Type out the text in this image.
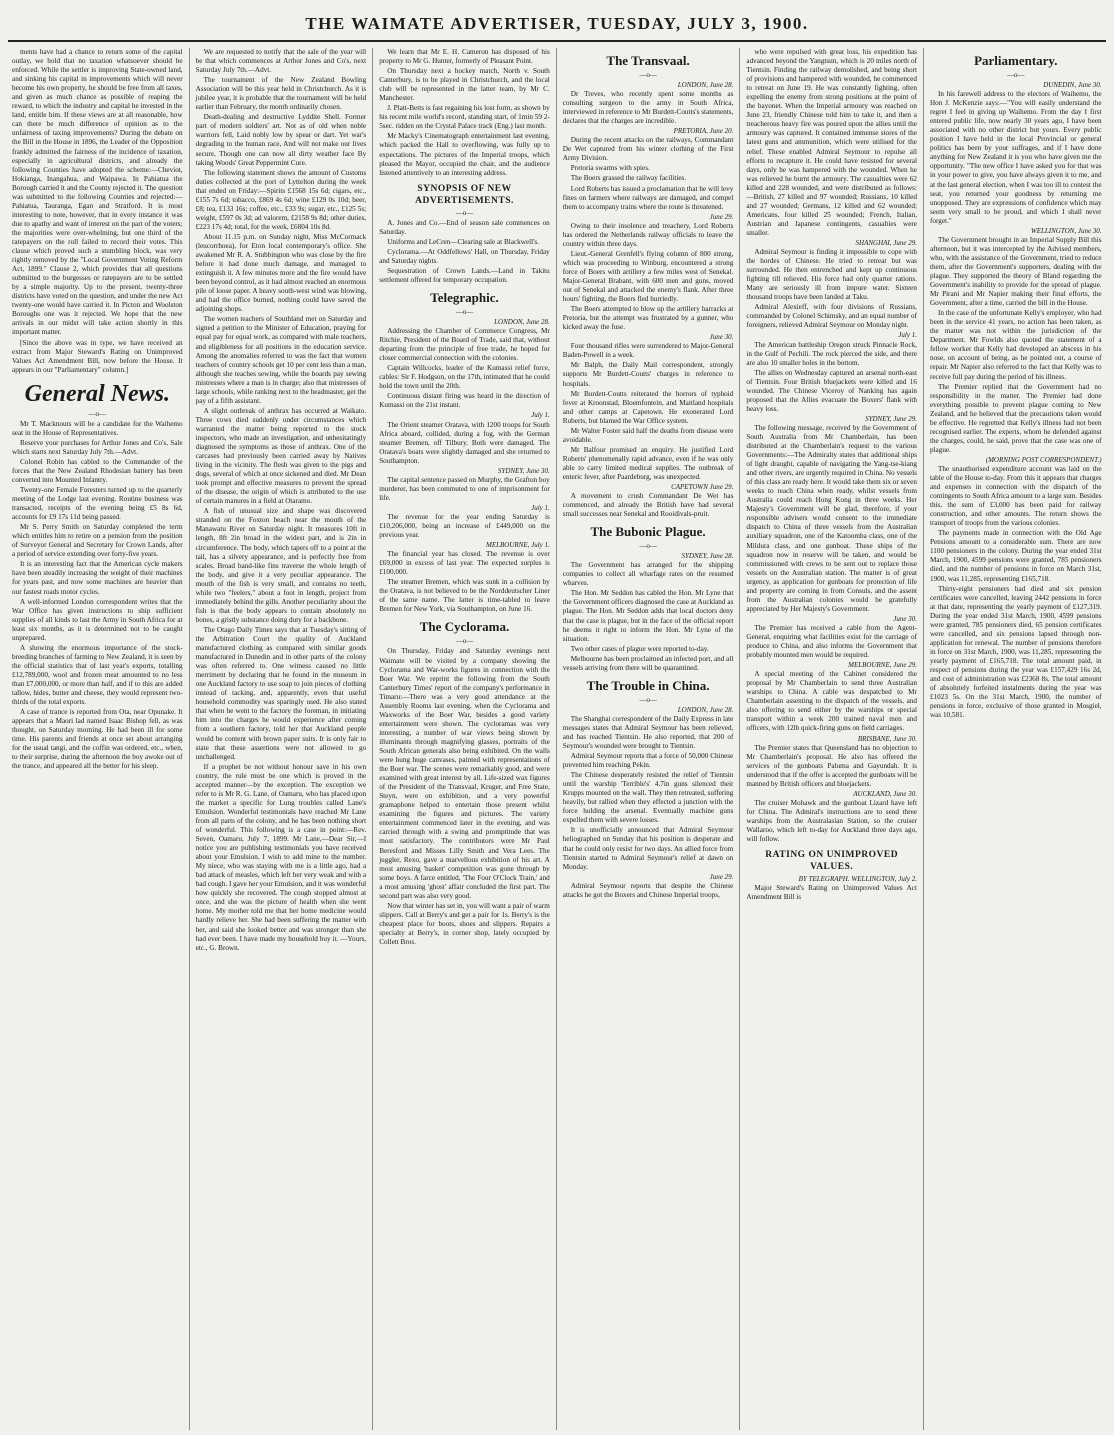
THE WAIMATE ADVERTISER, TUESDAY, JULY 3, 1900.

ments have had a chance to return some of the capital outlay, we hold that no taxation whatsoever should be enforced. While the settler is improving State-owned land, and sinking his capital in improvements which will never become his own property, he should be free from all taxes, and given as much chance as possible of reaping the reward, to which the industry and capital he invested in the land, entitle him. If these views are at all reasonable, how can there be much difference of opinion as to the unfairness of taxing improvements? During the debate on the Bill in the House in 1896, the Leader of the Opposition frankly admitted the fairness of the incidence of taxation, especially in agricultural districts, and already the following Counties have adopted the scheme:—Cheviot, Hokianga, Inangahua, and Waipawa. In Pahiatua the Borough carried it and the County rejected it. The question was submitted to the following Counties and rejected:—Pahiatua, Tauranga, Egan and Stratford. It is most interesting to note, however, that in every instance it was due to apathy and want of interest on the part of the voters; the majorities were over-whelming, but one third of the ratepayers on the roll failed to record their votes. This clause which proved such a stumbling block, was very rightly removed by the "Local Government Voting Reform Act, 1899." Clause 2, which provides that all questions submitted to the burgesses or ratepayers are to be settled by a simple majority. Up to the present, twenty-three districts have voted on the question, and under the new Act twenty-one would have carried it. In Picton and Woolston Boroughs one was it rejected. We hope that the new arrivals in our midst will take action shortly in this important matter.

[Since the above was in type, we have received an extract from Major Steward's Rating on Unimproved Values Act Amendment Bill, now before the House. It appears in our "Parliamentary" column.]

General News.
—o—

Mr T. Macknouts will be a candidate for the Waihemo seat in the House of Representatives.

Reserve your purchases for Arthur Jones and Co's, Sale which starts next Saturday July 7th.—Advt.

Colonel Robin has cabled to the Commander of the forces that the New Zealand Rhodesian battery has been converted into Mounted Infantry.

Twenty-one Female Foresters turned up to the quarterly meeting of the Lodge last evening. Routine business was transacted, receipts of the evening being £5 8s 6d, accounts for £9 17s 11d being passed.

Mr S. Perry Smith on Saturday completed the term which entitles him to retire on a pension from the position of Surveyor General and Secretary for Crown Lands, after a period of service extending over forty-five years.

It is an interesting fact that the American cycle makers have been steadily increasing the weight of their machines for years past, and now some machines are heavier than our fastest roads motor cycles.

A well-informed London correspondent writes that the War Office has given instructions to ship sufficient supplies of all kinds to last the Army in South Africa for at least six months, as it is determined not to be caught unprepared.

A showing the enormous importance of the stock-breeding branches of farming to New Zealand, it is seen by the official statistics that of last year's exports, totalling £12,789,000, wool and frozen meat amounted to no less than £7,000,000, or more than half, and if to this are added tallow, hides, butter and cheese, they would represent two-thirds of the total exports.

A case of trance is reported from Ota, near Opunake. It appears that a Maori lad named Isaac Bishop fell, as was thought, on Saturday morning. He had been ill for some time. His parents and friends at once set about arranging for the usual tangi, and the coffin was ordered, etc., when, to their surprise, during the afternoon the boy awoke out of the trance, and appeared all the better for his sleep.

We are requested to notify that the sale of the year will be that which commences at Arthur Jones and Co's, next Saturday July 7th.—Advt.

The tournament of the New Zealand Bowling Association will be this year held in Christchurch. As it is jubilee year, it is probable that the tournament will be held earlier than February, the month ordinarily chosen.

Death-dealing and destructive Lyddite Shell. Former part of modern soldiers' art. Not as of old when noble warriors fell, Laid nobly low by spear or dart. Yet war's degrading to the human race, And will not make our lives secure, Though one can now all dirty weather face By taking Woods' Great Peppermint Cure.

The following statement shows the amount of Customs duties collected at the port of Lyttelton during the week that ended on Friday:—Spirits £1568 15s 6d; cigars, etc., £155 7s 6d; tobacco, £869 4s 6d; wine £129 0s 10d; beer, £8; tea, £133 16s; coffee, etc., £33 9s; sugar, etc., £125 5s; weight, £597 0s 3d; ad valorem, £2158 9s 8d; other duties, £223 17s 4d; total, for the week, £6804 10s 8d.

About 11.15 p.m. on Sunday night, Miss McCormack (leucorrhoea), for Eton local contemporary's office. She awakened Mr R. A. Stubbington who was close by the fire before it had done much damage, and managed to extinguish it. A few minutes more and the fire would have been beyond control, as it had almost reached an enormous pile of loose paper. A heavy south-west wind was blowing, and had the office burned, nothing could have saved the adjoining shops.

The women teachers of Southland met on Saturday and signed a petition to the Minister of Education, praying for equal pay for equal work, as compared with male teachers, and eligibleness for all positions in the education service. Among the anomalies referred to was the fact that women teachers of country schools get 10 per cent less than a man, although she teaches sewing, while the boards pay sewing mistresses where a man is in charge; also that mistresses of large schools, while ranking next to the headmaster, get the pay of a fifth assistant.

A slight outbreak of anthrax has occurred at Waikato. Three cows died suddenly under circumstances which warranted the matter being reported to the stock inspectors, who made an investigation, and unhesitatingly diagnosed the symptoms as those of anthrax. One of the carcases had previously been carried away by Natives living in the vicinity. The flesh was given to the pigs and dogs, several of which at once sickened and died. Mr Dean took prompt and effective measures to prevent the spread of the disease, the origin of which is attributed to the use of certain manures in a field at Otaramo.

A fish of unusual size and shape was discovered stranded on the Foxton beach near the mouth of the Manawatu River on Saturday night. It measures 10ft in length, 8ft 2in broad in the widest part, and is 2in in circumference. The body, which tapers off to a point at the tail, has a silvery appearance, and is perfectly free from scales. Broad band-like fins traverse the whole length of the body, and give it a very peculiar appearance. The mouth of the fish is very small, and contains no teeth, while two "feelers," about a foot in length, project from immediately behind the gills. Another peculiarity about the fish is that the body appears to contain absolutely no bones, a gristly substance doing duty for a backbone.

The Otago Daily Times says that at Tuesday's sitting of the Arbitration Court the quality of Auckland manufactured clothing as compared with similar goods manufactured in Dunedin and in other parts of the colony was often referred to. One witness caused no little merriment by declaring that he found in the museum in one Auckland factory to use soap to join pieces of clothing instead of tacking, and, apparently, even that useful household commodity was sparingly used. He also stated that when he went to the factory the foreman, in initiating him into the charges he would experience after coming from a southern factory, told her that Auckland people would be content with brown paper suits. It is only fair to state that these assertions were not allowed to go unchallenged.

If a prophet be not without honour save in his own country, the rule must be one which is proved in the accepted manner—by the exception. The exception we refer to is Mr R. G. Lane, of Oamaru, who has placed upon the market a specific for Lung troubles called Lane's Emulsion. Wonderful testimonials have reached Mr Lane from all parts of the colony, and he has been nothing short of wonderful. This following is a case in point:—Rev. Seven, Oamaru, July 7, 1899. Mr Lane,—Dear Sir,—I notice you are publishing testimonials you have received about your Emulsion. I wish to add mine to the number. My niece, who was staying with me is a little ago, had a bad attack of measles, which left her very weak and with a bad cough. I gave her your Emulsion, and it was wonderful how quickly she recovered. The cough stopped almost at once, and she was the picture of health when she went home. My mother told me that her home medicine would hardly relieve her. She had been suffering the matter with her, and said she looked better and was stronger than she had ever been. I have made my household buy it. —Yours, etc., G. Brown.

We learn that Mr E. H. Cameron has disposed of his property to Mr G. Hunter, formerly of Pleasant Point.

On Thursday next a hockey match, North v. South Canterbury, is to be played in Christchurch, and the local club will be represented in the latter team, by Mr C. Manchester.

J. Platt-Betts is fast regaining his lost form, as shown by his recent mile world's record, standing start, of 1min 59 2-5sec. ridden on the Crystal Palace track (Eng.) last month.

Mr Macky's Cinematograph entertainment last evening, which packed the Hall to overflowing, was fully up to expectations. The pictures of the Imperial troops, which pleased the Mayor, occupied the chair, and the audience listened attentively to an interesting address.

SYNOPSIS OF NEW ADVERTISEMENTS.
—o—

A. Jones and Co.—End of season sale commences on Saturday.

Uniforms and LeCren—Clearing sale at Blackwell's.

Cyclorama.—At Oddfellows' Hall, on Thursday, Friday and Saturday nights.

Sequestration of Crown Lands.—Land in Takitu settlement offered for temporary occupation.

Telegraphic.
—o—
LONDON, June 28.

Addressing the Chamber of Commerce Congress, Mr Ritchie, President of the Board of Trade, said that, without departing from the principle of free trade, he hoped for closer commercial connection with the colonies.

Captain Willcocks, leader of the Kumassi relief force, cables: Sir F. Hodgson, on the 17th, intimated that he could hold the town until the 20th.

Continuous distant firing was heard in the direction of Kumassi on the 21st instant.

July 1.

The Orient steamer Oratava, with 1200 troops for South Africa aboard, collided, during a fog, with the German steamer Bremen, off Tilbury. Both were damaged. The Oratava's boats were slightly damaged and she returned to Southampton.

SYDNEY, June 30.

The capital sentence passed on Murphy, the Grafton boy murderer, has been commuted to one of imprisonment for life.

July 1.

The revenue for the year ending Saturday is £10,206,000, being an increase of £449,000 on the previous year.

MELBOURNE, July 1.

The financial year has closed. The revenue is over £69,000 in excess of last year. The expected surplus is £100,000.

The steamer Bremen, which was sunk in a collision by the Oratava, is not believed to be the Norddeutscher Liner of the same name. The latter is time-tabled to leave Bremen for New York, via Southampton, on June 16.

The Cyclorama.
—o—

On Thursday, Friday and Saturday evenings next Waimate will be visited by a company showing the Cyclorama and War-works figures in connection with the Boer War. We reprint the following from the South Canterbury Times' report of the company's performance in Timaru:—There was a very good attendance at the Assembly Rooms last evening, when the Cyclorama and Waxworks of the Boer War, besides a good variety entertainment were shown. The cycloramas was very interesting, a number of war views being shown by illuminants through magnifying glasses, portraits of the South African generals also being exhibited. On the walls were hung huge canvases, painted with representations of the Boer war. The scenes were remarkably good, and were examined with great interest by all. Life-sized wax figures of the President of the Transvaal, Kruger, and Free State, Steyn, were on exhibition, and a very powerful gramaphone helped to entertain those present whilst examining the figures and pictures. The variety entertainment commenced later in the evening, and was carried through with a swing and promptitude that was most satisfactory. The contributors were Mr Paul Beresford and Misses Lilly Smith and Vera Lees. The juggler, Rexo, gave a marvellous exhibition of his art. A most amusing 'basket' competition was gone through by some boys. A farce entitled, 'The Four O'Clock Train,' and a most amusing 'ghost' affair concluded the first part. The second part was also very good.

Now that winter has set in, you will want a pair of warm slippers. Call at Berry's and get a pair for 1s. Berry's is the cheapest place for boots, shoes and slippers. Repairs a specialty at Berry's, in corner shop, lately occupied by Collett Bros.

The Transvaal.
—o—
LONDON, June 28.

Dr Treves, who recently spent some months as consulting surgeon to the army in South Africa, interviewed in reference to Mr Burdett-Coutts's statements, declares that the charges are incredible.

PRETORIA, June 20.

During the recent attacks on the railways, Commandant De Wet captured from his winter clothing of the First Army Division.

Pretoria swarms with spies.

The Boers grassed the railway facilities.

Lord Roberts has issued a proclamation that he will levy fines on farmers where railways are damaged, and compel them to accompany trains where the route is threatened.

June 29.

Owing to their insolence and treachery, Lord Roberts has ordered the Netherlands railway officials to leave the country within three days.

Lieut.-General Grenfell's flying column of 800 strong, which was proceeding to Winburg, encountered a strong force of Boers with artillery a few miles west of Senekal. Major-General Brabant, with 600 men and guns, moved out of Senekal and attacked the enemy's flank. After three hours' fighting, the Boers fled hurriedly.

The Boers attempted to blow up the artillery barracks at Pretoria, but the attempt was frustrated by a gunner, who kicked away the fuse.

June 30.

Four thousand rifles were surrendered to Major-General Baden-Powell in a week.

Mr Balph, the Daily Mail correspondent, strongly supports Mr Burdett-Coutts' charges in reference to hospitals.

Mr Burdett-Coutts reiterated the horrors of typhoid fever at Kroonstad, Bloemfontein, and Maitland hospitals and other camps at Capetown. He exonerated Lord Roberts, but blamed the War Office system.

Mr Walter Foster said half the deaths from disease were avoidable.

Mr Balfour promised an enquiry. He justified Lord Roberts' phenomenally rapid advance, even if he was only able to carry limited medical supplies. The outbreak of enteric fever, after Paardeburg, was unexpected.

CAPETOWN June 29.

A movement to crush Commandant De Wet has commenced, and already the British have had several small successes near Senekal and Rooidivals-pruit.

The Bubonic Plague.
—o—
SYDNEY, June 28.

The Government has arranged for the shipping companies to collect all wharfage rates on the resumed wharves.

The Hon. Mr Seddon has cabled the Hon. Mr Lyne that the Government officers diagnosed the case at Auckland as plague. The Hon. Mr Seddon adds that local doctors deny that the case is plague, but in the face of the official report he deems it right to inform the Hon. Mr Lyne of the situation.

Two other cases of plague were reported to-day.

Melbourne has been proclaimed an infected port, and all vessels arriving from there will be quarantined.

The Trouble in China.
—o—
LONDON, June 28.

The Shanghai correspondent of the Daily Express in late messages states that Admiral Seymour has been relieved, and has reached Tientsin. He also reported, that 200 of Seymour's wounded were brought to Tientsin.

Admiral Seymour reports that a force of 50,000 Chinese prevented him reaching Pekin.

The Chinese desperately resisted the relief of Tientsin until the warship 'Terrible's' 4.7in guns silenced their Krupps mounted on the wall. They then retreated, suffering heavily, but rallied when they effected a junction with the force holding the arsenal. Eventually machine guns expelled them with severe losses.

It is unofficially announced that Admiral Seymour heliographed on Sunday that his position is desperate and that he could only resist for two days. An allied force from Tientsin started to Admiral Seymour's relief at dawn on Monday.

June 29.

Admiral Seymour reports that despite the Chinese attacks he got the Boxers and Chinese Imperial troops,

who were repulsed with great loss, his expedition has advanced beyond the Yangtsun, which is 20 miles north of Tientsin. Finding the railway demolished, and being short of provisions and hampered with wounded, he commenced to retreat on June 19. He was constantly fighting, often expelling the enemy from strong positions at the point of the bayonet. When the Imperial armoury was reached on June 23, friendly Chinese told him to take it, and then a treacherous heavy fire was poured upon the allies until the armoury was captured. It contained immense stores of the latest guns and ammunition, which were utilised for the relief. These enabled Admiral Seymour to repulse all efforts to recapture it. He could have resisted for several days, only he was hampered with the wounded. When he was relieved he burnt the armoury. The casualties were 62 killed and 228 wounded, and were distributed as follows:—British, 27 killed and 97 wounded; Russians, 10 killed and 27 wounded; Germans, 12 killed and 62 wounded; Americans, four killed 25 wounded; French, Italian, Austrian and Japanese contingents, casualties were smaller.

SHANGHAI, June 29.

Admiral Seymour is finding it impossible to cope with the hordes of Chinese. He tried to retreat but was surrounded. He then entrenched and kept up continuous fighting till relieved. His force had only quarter rations. Many are seriously ill from impure water. Sixteen thousand troops have been landed at Taku.

Admiral Alexieff, with four divisions of Russians, commanded by Colonel Schimsky, and an equal number of foreigners, relieved Admiral Seymour on Monday night.

July 1.

The American battleship Oregon struck Pinnacle Rock, in the Gulf of Pechili. The rock pierced the side, and there are also 10 smaller holes in the bottom.

The allies on Wednesday captured an arsenal north-east of Tientsin. Four British bluejackets were killed and 16 wounded. The Chinese Viceroy of Nanking has again proposed that the Allies evacuate the Boxers' flank with heavy loss.

SYDNEY, June 29.

The following message, received by the Government of South Australia from Mr Chamberlain, has been distributed at the Chamberlain's request to the various Governments:—The Admiralty states that additional ships of light draught, capable of navigating the Yang-tse-kiang and other rivers, are urgently required in China. No vessels of this class are ready here. It would take them six or seven weeks to reach China when ready, whilst vessels from Australia could reach Hong Kong in three weeks. Her Majesty's Government will be glad, therefore, if your responsible advisers would consent to the immediate dispatch to China of three vessels from the Australian auxiliary squadron, one of the Katoomba class, one of the Mildura class, and one gunboat. These ships of the squadron now in reserve will be taken, and would be commissioned with crews to be sent out to replace those vessels on the Australian station. The matter is of great urgency, as application for gunboats for protection of life and property are coming in from Consuls, and the assent from the Australian colonies would be gratefully appreciated by Her Majesty's Government.

June 30.

The Premier has received a cable from the Agent-General, enquiring what facilities exist for the carriage of produce to China, and also informs the Government that probably mounted men would be required.

MELBOURNE, June 29.

A special meeting of the Cabinet considered the proposal by Mr Chamberlain to send three Australian warships to China. A cable was despatched to Mr Chamberlain assenting to the dispatch of the vessels, and also offering to send either by the warships or special transport within a week 200 trained naval men and officers, with 12lb quick-firing guns on field carriages.

BRISBANE, June 30.

The Premier states that Queensland has no objection to Mr Chamberlain's proposal. He also has offered the services of the gunboats Paluma and Gayundah. It is understood that if the offer is accepted the gunboats will be manned by British officers and bluejackets.

AUCKLAND, June 30.

The cruiser Mohawk and the gunboat Lizard have left for China. The Admiral's instructions are to send three warships from the Australasian Station, so the cruiser Wallaroo, which left to-day for Auckland three days ago, will follow.

RATING ON UNIMPROVED VALUES.
BY TELEGRAPH. WELLINGTON, July 2.

Major Steward's Rating on Unimproved Values Act Amendment Bill is

Parliamentary.
—o—
DUNEDIN, June 30.

In his farewell address to the electors of Waihemo, the Hon J. McKenzie says:—"You will easily understand the regret I feel in giving up Waihemo. From the day I first entered public life, now nearly 30 years ago, I have been associated with no other district but yours. Every public position I have held in the local Provincial or general politics has been by your suffrages, and if I have done anything for New Zealand it is you who have given me the opportunity. "The new office I have asked you for that was in your power to give, you have always given it to me, and at the last general election, when I was too ill to contest the seat, you returned your goodness by returning me unopposed. They are expressions of confidence which may seem very small to be proud, and which I shall never forget."

WELLINGTON, June 30.

The Government brought in an Imperial Supply Bill this afternoon, but it was intercepted by the Advised members, who, with the assistance of the Government, tried to reduce them, after the Government's supporters, dealing with the plague. They supported the theory of Bland regarding the Government's inability to provide for the spread of plague. Mr Pirani and Mr Napier making their final efforts, the Government, after a time, carried the bill in the House.

In the case of the unfortunate Kelly's employer, who had been in the service 41 years, no action has been taken, as the matter was not within the jurisdiction of the Department. Mr Fowlds also quoted the statement of a fellow worker that Kelly had developed an abscess in his nose, on account of being, as he pointed out, a course of repair. Mr Napier also referred to the fact that Kelly was to receive full pay during the period of his illness.

The Premier replied that the Government had no responsibility in the matter. The Premier had done everything possible to prevent plague coming to New Zealand, and he believed that the precautions taken would be effective. He regretted that Kelly's illness had not been recognised earlier. The experts, whom he defended against the charges, could, he said, prove that the case was one of plague.

(MORNING POST CORRESPONDENT.)

The unauthorised expenditure account was laid on the table of the House to-day. From this it appears that charges and expenses in connection with the dispatch of the contingents to South Africa amount to a large sum. Besides this, the sum of £3,000 has been paid for railway construction, and other amounts. The return shows the transport of troops from the various colonies.

The payments made in connection with the Old Age Pensions amount to a considerable sum. There are now 1100 pensioners in the colony. During the year ended 31st March, 1900, 4599 pensions were granted, 785 pensioners died, and the number of pensions in force on March 31st, 1900, was 11,285, representing £165,718.

Thirty-eight pensioners had died and six pension certificates were cancelled, leaving 2442 pensions in force at that date, representing the yearly payment of £127,319. During the year ended 31st March, 1900, 4599 pensions were granted, 785 pensioners died, 65 pension certificates were cancelled, and six pensions lapsed through non-application for renewal. The number of pensions therefore in force on 31st March, 1900, was 11,285, representing the yearly payment of £165,718. The total amount paid, in respect of pensions during the year was £157,429 16s 2d, and cost of administration was £2368 8s. The total amount of absolutely forfeited instalments during the year was £1023 5s. On the 31st March, 1900, the number of pensions in force, exclusive of those granted in Mosgiel, was 10,581.
